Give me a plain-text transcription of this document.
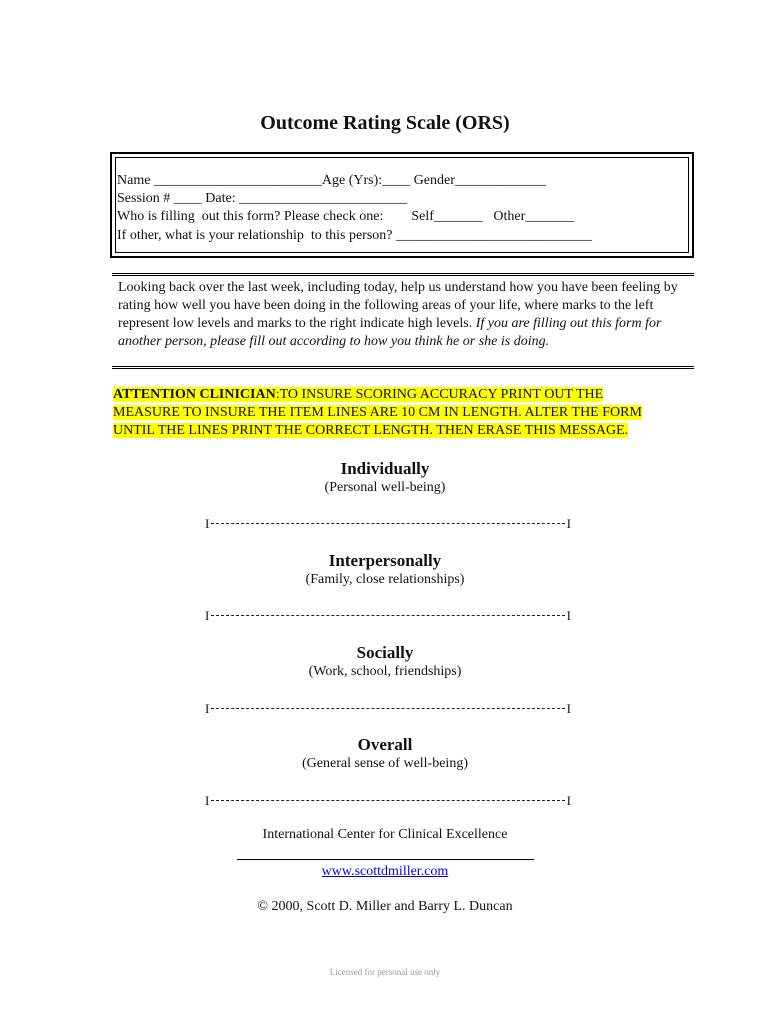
Outcome Rating Scale (ORS)
Name ________________________Age (Yrs):____ Gender_____________
Session # ____ Date: ________________________
Who is filling  out this form? Please check one:        Self_______   Other_______
If other, what is your relationship  to this person? ____________________________
Looking back over the last week, including today, help us understand how you have been feeling by rating how well you have been doing in the following areas of your life, where marks to the left represent low levels and marks to the right indicate high levels. If you are filling out this form for another person, please fill out according to how you think he or she is doing.
ATTENTION CLINICIAN:TO INSURE SCORING ACCURACY PRINT OUT THE MEASURE TO INSURE THE ITEM LINES ARE 10 CM IN LENGTH. ALTER THE FORM UNTIL THE LINES PRINT THE CORRECT LENGTH. THEN ERASE THIS MESSAGE.
Individually
(Personal well-being)
I	I
Interpersonally
(Family, close relationships)
I	I
Socially
(Work, school, friendships)
I	I
Overall
(General sense of well-being)
I	I
International Center for Clinical Excellence
www.scottdmiller.com
© 2000, Scott D. Miller and Barry L. Duncan
Licensed for personal use only
